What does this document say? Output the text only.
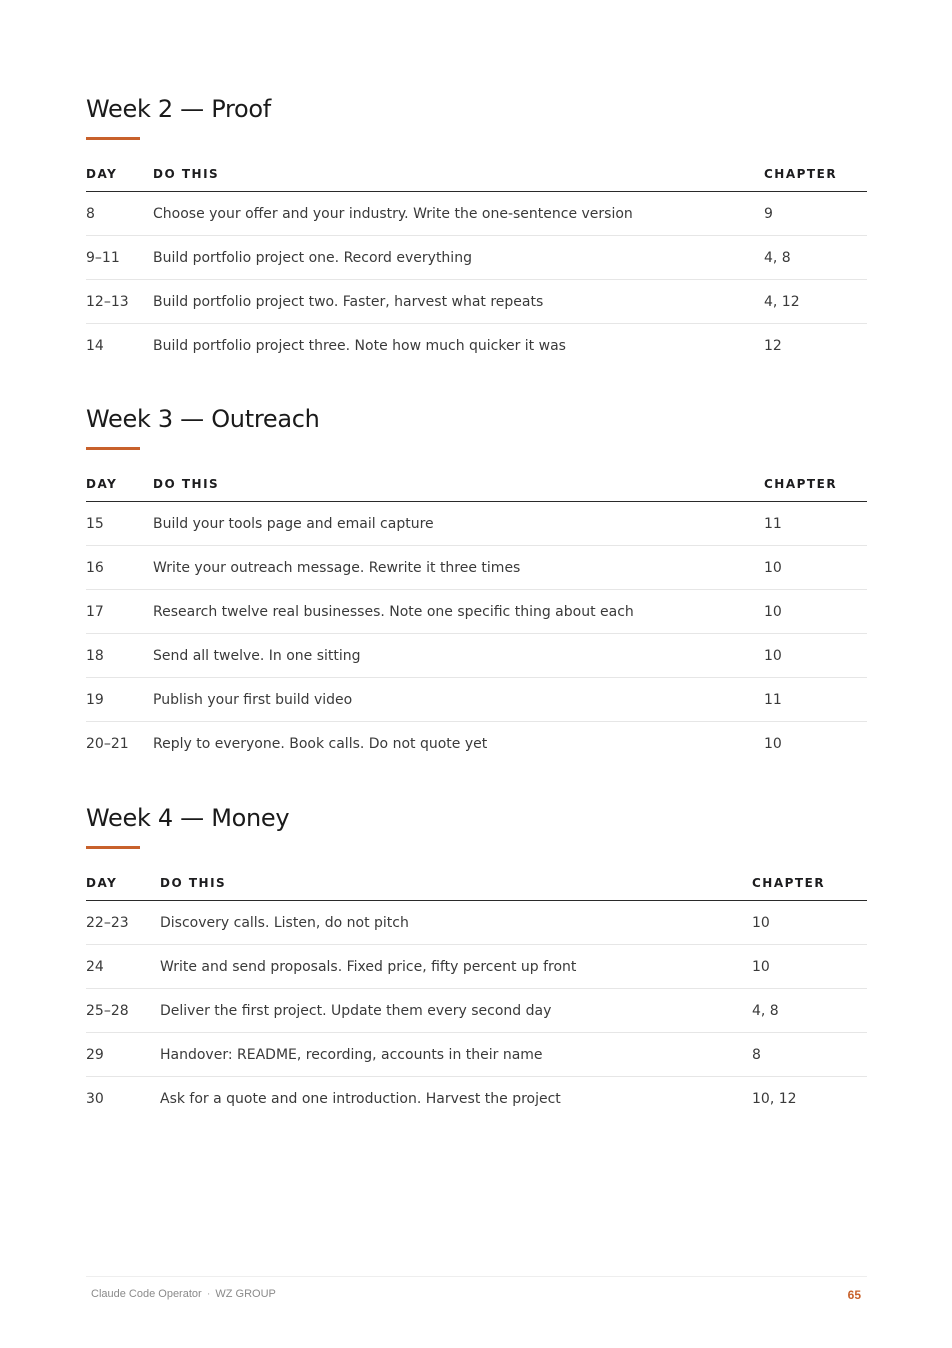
Week 2 — Proof
DAY	DO THIS	CHAPTER
8	Choose your offer and your industry. Write the one-sentence version	9
9–11	Build portfolio project one. Record everything	4, 8
12–13	Build portfolio project two. Faster, harvest what repeats	4, 12
14	Build portfolio project three. Note how much quicker it was	12
Week 3 — Outreach
DAY	DO THIS	CHAPTER
15	Build your tools page and email capture	11
16	Write your outreach message. Rewrite it three times	10
17	Research twelve real businesses. Note one specific thing about each	10
18	Send all twelve. In one sitting	10
19	Publish your first build video	11
20–21	Reply to everyone. Book calls. Do not quote yet	10
Week 4 — Money
DAY	DO THIS	CHAPTER
22–23	Discovery calls. Listen, do not pitch	10
24	Write and send proposals. Fixed price, fifty percent up front	10
25–28	Deliver the first project. Update them every second day	4, 8
29	Handover: README, recording, accounts in their name	8
30	Ask for a quote and one introduction. Harvest the project	10, 12
Claude Code Operator · WZ GROUP	65
